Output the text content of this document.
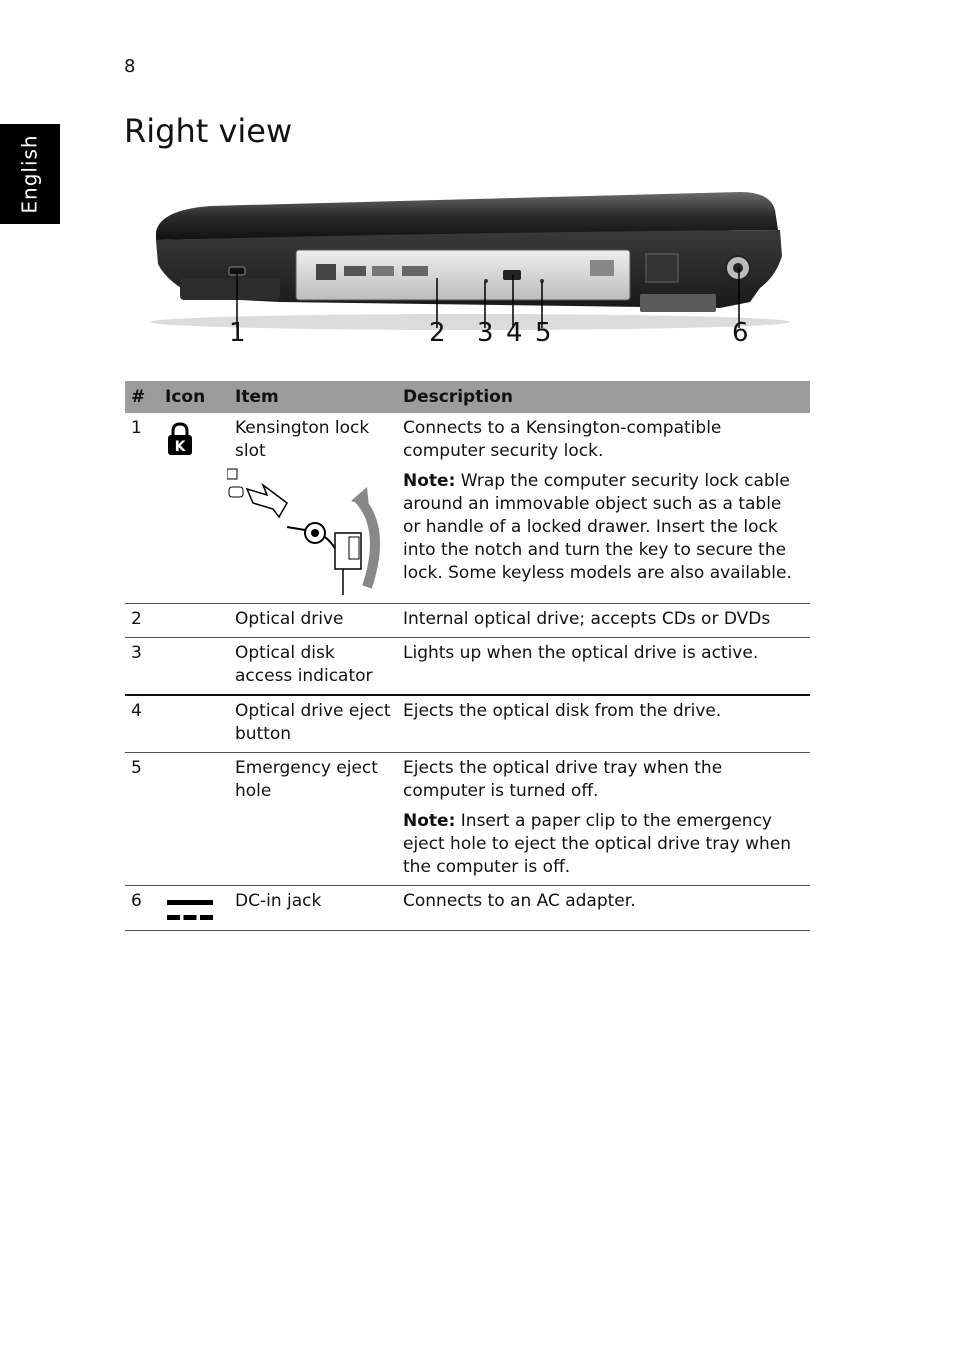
8
English
Right view
1	2 3 4 5	6
#	Icon	Item	Description
1	K	Kensington lock slot	Connects to a Kensington-compatible computer security lock.

Note: Wrap the computer security lock cable around an immovable object such as a table or handle of a locked drawer. Insert the lock into the notch and turn the key to secure the lock. Some keyless models are also available.

2		Optical drive	Internal optical drive; accepts CDs or DVDs
3		Optical disk access indicator	Lights up when the optical drive is active.
4		Optical drive eject button	Ejects the optical disk from the drive.
5		Emergency eject hole	Ejects the optical drive tray when the computer is turned off.

Note: Insert a paper clip to the emergency eject hole to eject the optical drive tray when the computer is off.

6		DC-in jack	Connects to an AC adapter.
